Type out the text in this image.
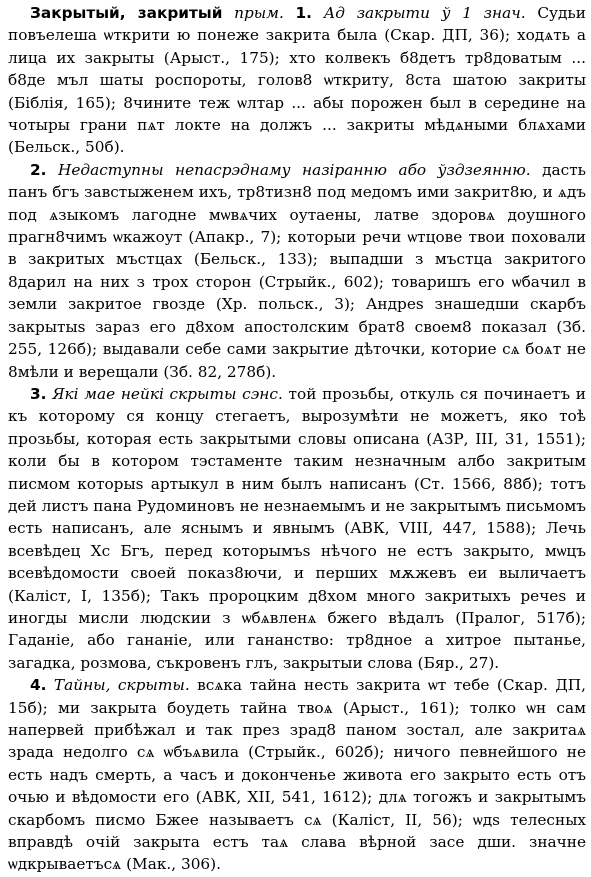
Закрытый, закритый прым. 1. Ад закрыти ў 1 знач. Судьи повъелеша ѡткрити ю понеже закрита была (Скар. ДП, 36); ходѧть а лица их закрыты (Арыст., 175); хто колвекъ б8детъ тр8доватым ... б8де мъл шаты роспороты, голов8 ѡткриту, 8ста шатою закриты (Біблія, 165); 8чините теж ѡлтар ... абы порожен был в середине на чотыры грани пѧт локте на должъ ... закриты мѣдѧными блѧхами (Бельск., 50б).

2. Недаступны непасрэднаму назіранню або ўздзеянню. дасть панъ бгъ завстыженем ихъ, тр8тизн8 под медомъ ими закрит8ю, и ѧдъ под ѧзыкомъ лагодне мѡвѧчих оутаены, латве здоровѧ доушного прагн8чимъ ѡкажоут (Апакр., 7); которыи речи ѡтцове твои поховали в закритых мъстцах (Бельск., 133); выпадши з мъстца закритого 8дарил на них з трох сторон (Стрыйк., 602); товаришъ его ѡбачил в земли закритое гвозде (Хр. польск., 3); Андреs знашедши скарбъ закрытыs зараз его д8хом апостолским брат8 своем8 показал (Зб. 255, 126б); выдавали себе сами закрытие дѣточки, которие сѧ боѧт не 8мѣли и верещали (Зб. 82, 278б).

3. Які мае нейкі скрыты сэнс. той прозьбы, откуль ся починаетъ и къ которому ся концу стегаетъ, вырозумѣти не можетъ, яко тоѣ прозьбы, которая есть закрытыми словы описана (АЗР, III, 31, 1551); коли бы в котором тэстаменте таким незначным албо закритым писмом которыs артыкул в ним былъ написанъ (Ст. 1566, 88б); тотъ дей листъ пана Рудоминовъ не незнаемымъ и не закрытымъ письмомъ есть написанъ, але яснымъ и явнымъ (АВК, VIII, 447, 1588); Лечь всевѣдец Хс Бгъ, перед которымъs нѣчого не естъ закрыто, мѡцъ всевѣдомости своей показ8ючи, и перших мѫжевъ еи выличаетъ (Каліст, I, 135б); Такъ пророцким д8хом много закритыхъ речеs и иногды мисли людскии з ѡбѧвленѧ бжего вѣдалъ (Пралог, 517б); Гаданіе, або гананіе, или гананство: тр8дное а хитрое пытанье, загадка, розмова, съкровенъ глъ, закрытыи слова (Бяр., 27).

4. Тайны, скрыты. всѧка тайна несть закрита ѡт тебе (Скар. ДП, 15б); ми закрыта боудеть тайна твоѧ (Арыст., 161); толко ѡн сам напервей прибѣжал и так през зрад8 паном зостал, але закритаѧ зрада недолго сѧ ѡбъѧвила (Стрыйк., 602б); ничого певнейшого не есть надъ смерть, а часъ и доконченье живота его закрыто есть отъ очью и вѣдомости его (АВК, XII, 541, 1612); длѧ тогожъ и закрытымъ скарбомъ писмо Бжее называетъ сѧ (Каліст, II, 56); ѡдs телесных вправдѣ очій закрыта естъ таѧ слава вѣрной засе дши. значне ѡдкрываетъсѧ (Мак., 306).
